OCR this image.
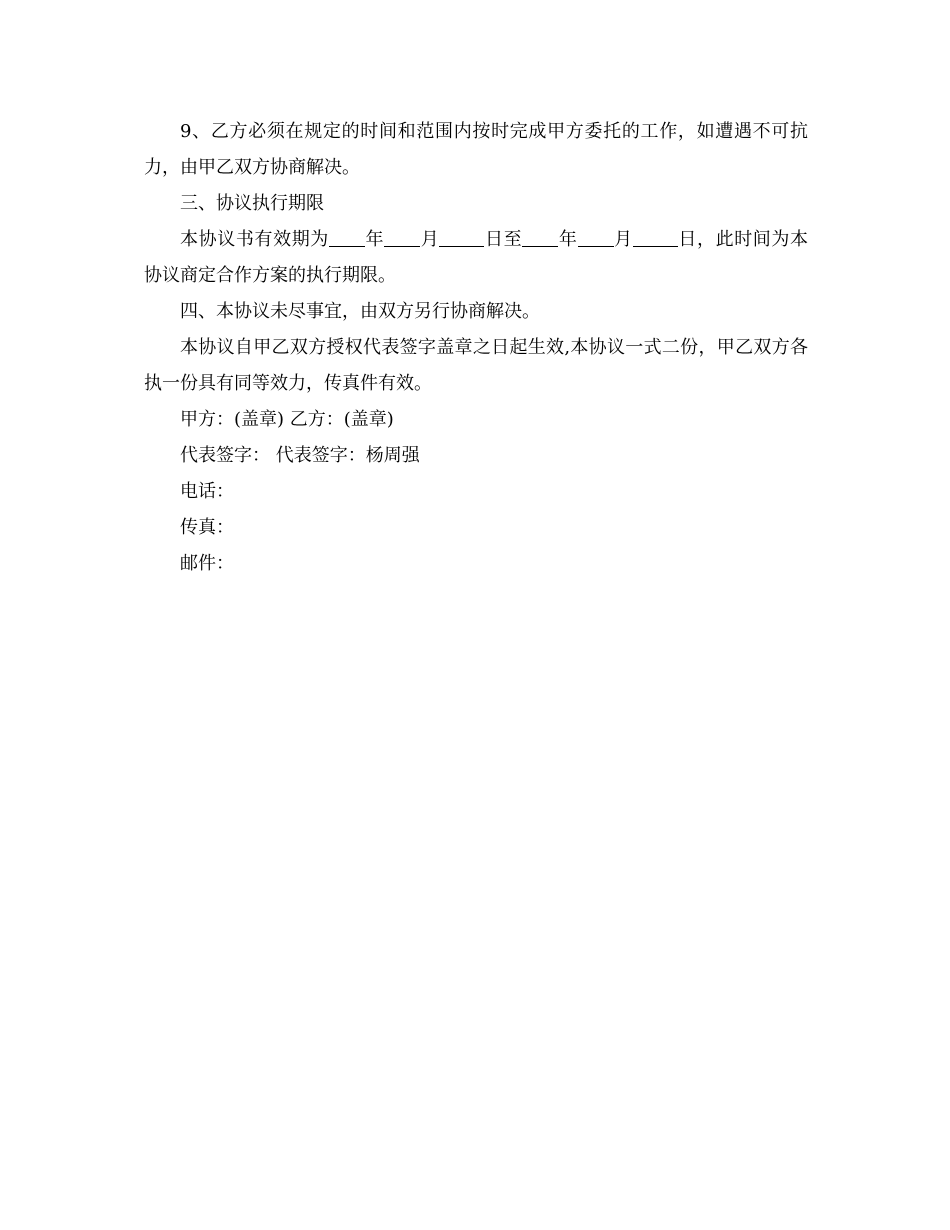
9、乙方必须在规定的时间和范围内按时完成甲方委托的工作，如遭遇不可抗力，由甲乙双方协商解决。

三、协议执行期限

本协议书有效期为 年 月	日至 年 月	日，此时间为本协议商定合作方案的执行期限。

四、本协议未尽事宜，由双方另行协商解决。

本协议自甲乙双方授权代表签字盖章之日起生效,本协议一式二份，甲乙双方各执一份具有同等效力，传真件有效。

甲方：(盖章) 乙方：(盖章)

代表签字： 代表签字：杨周强

电话：

传真：

邮件：
